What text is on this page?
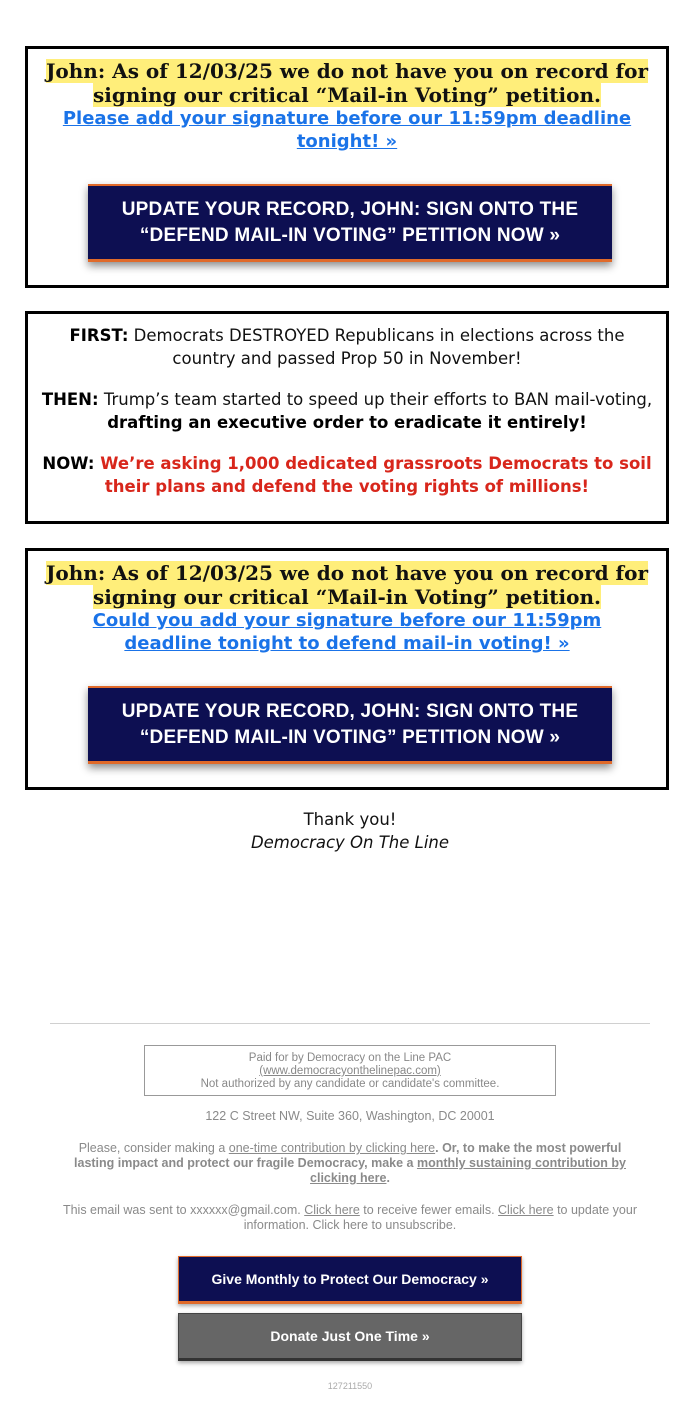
John: As of 12/03/25 we do not have you on record for
signing our critical “Mail-in Voting” petition.
Please add your signature before our 11:59pm deadline tonight! »
UPDATE YOUR RECORD, JOHN: SIGN ONTO THE “DEFEND MAIL-IN VOTING” PETITION NOW »

FIRST: Democrats DESTROYED Republicans in elections across the country and passed Prop 50 in November!

THEN: Trump’s team started to speed up their efforts to BAN mail-voting, drafting an executive order to eradicate it entirely!

NOW: We’re asking 1,000 dedicated grassroots Democrats to soil their plans and defend the voting rights of millions!

John: As of 12/03/25 we do not have you on record for
signing our critical “Mail-in Voting” petition.
Could you add your signature before our 11:59pm deadline tonight to defend mail-in voting! »
UPDATE YOUR RECORD, JOHN: SIGN ONTO THE “DEFEND MAIL-IN VOTING” PETITION NOW »
Thank you!
Democracy On The Line
Paid for by Democracy on the Line PAC
(www.democracyonthelinepac.com)
Not authorized by any candidate or candidate's committee.
122 C Street NW, Suite 360, Washington, DC 20001
Please, consider making a one-time contribution by clicking here. Or, to make the most powerful lasting impact and protect our fragile Democracy, make a monthly sustaining contribution by clicking here.
This email was sent to xxxxxx@gmail.com. Click here to receive fewer emails. Click here to update your information. Click here to unsubscribe.
Give Monthly to Protect Our Democracy »
Donate Just One Time »
127211550
